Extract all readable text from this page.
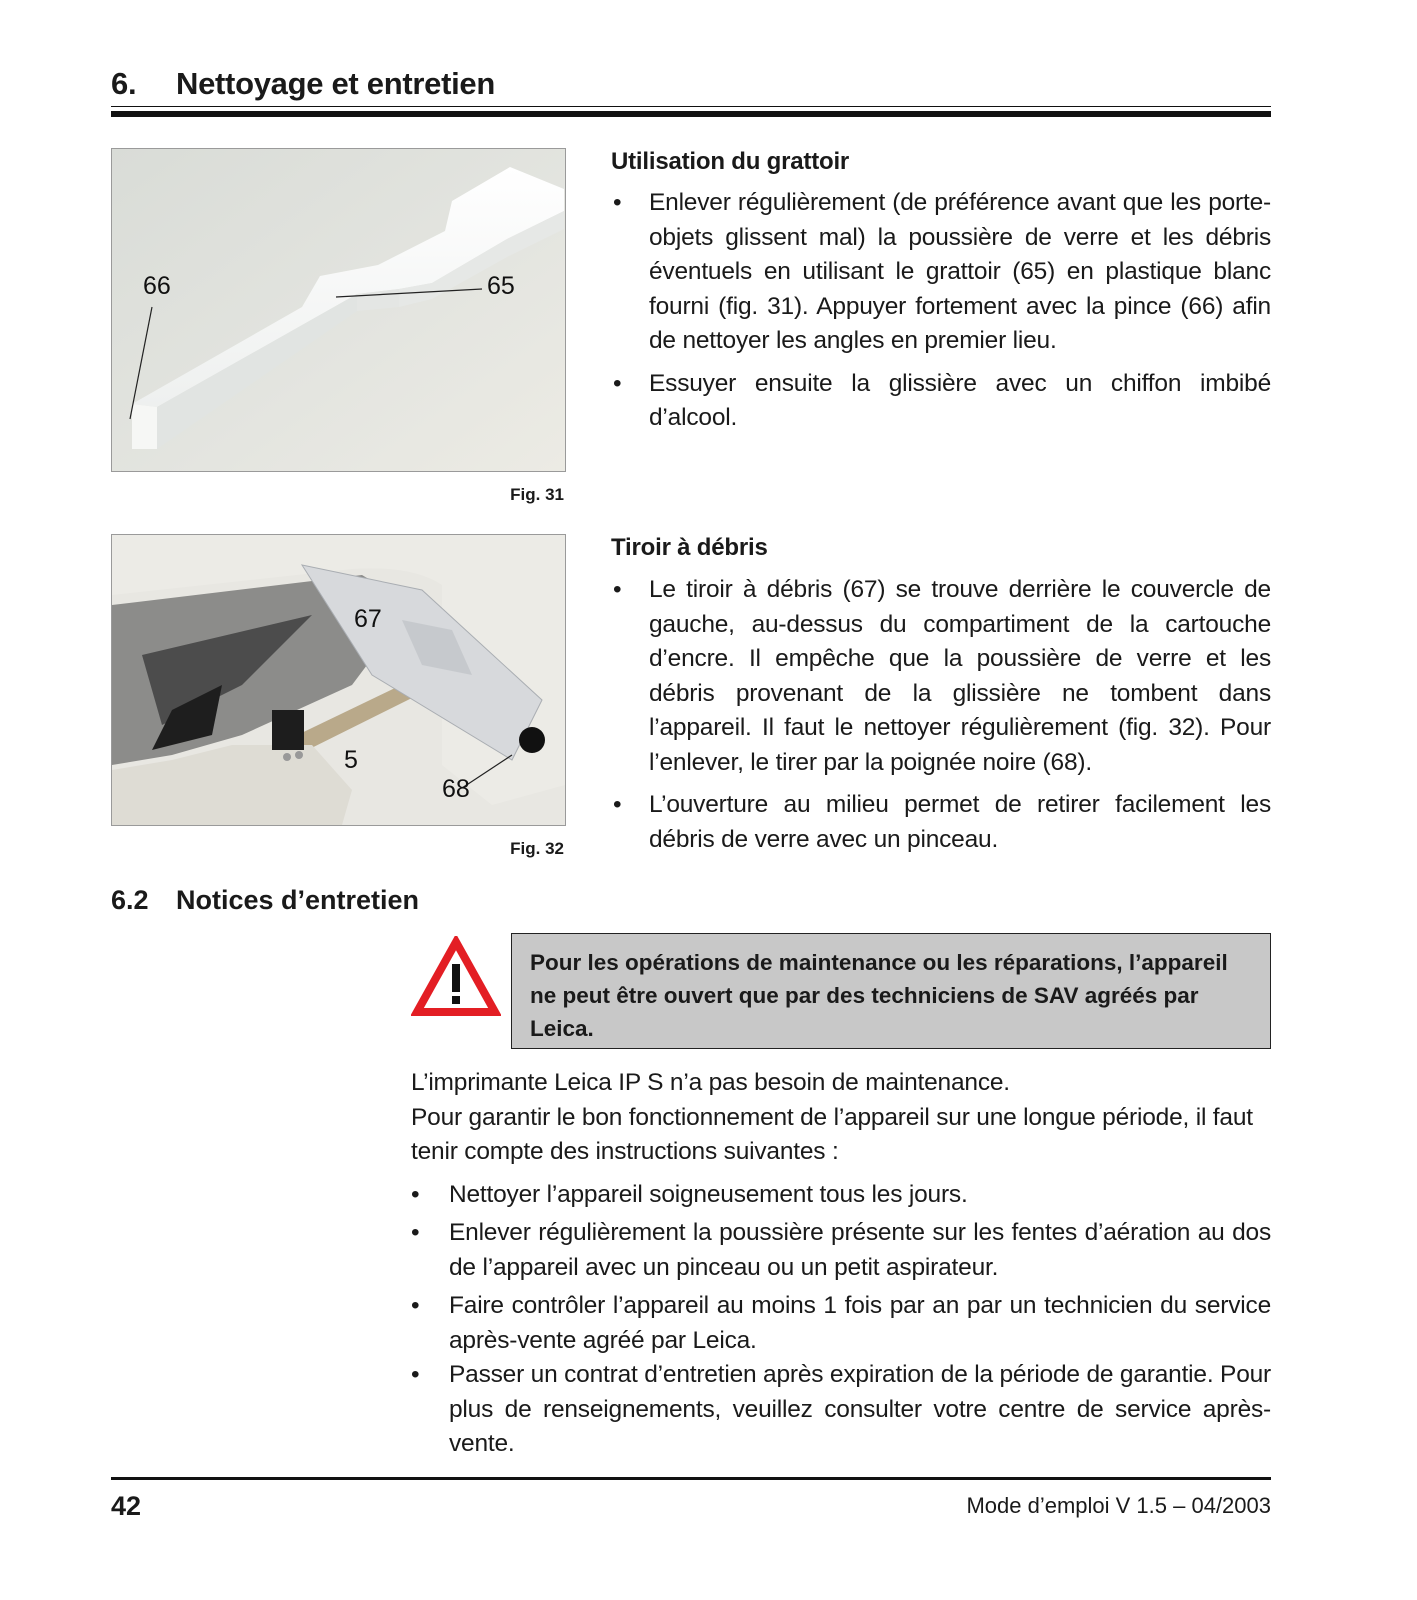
6. Nettoyage et entretien
66	65
Fig. 31
67
5
68
Fig. 32
Utilisation du grattoir
• Enlever régulièrement (de préférence avant que les porte-objets glissent mal) la poussière de verre et les débris éventuels en utilisant le grattoir (65) en plastique blanc fourni (fig. 31). Appuyer fortement avec la pince (66) afin de nettoyer les angles en premier lieu.
• Essuyer ensuite la glissière avec un chiffon imbibé d’alcool.
Tiroir à débris
• Le tiroir à débris (67) se trouve derrière le couvercle de gauche, au-dessus du compartiment de la cartouche d’encre. Il empêche que la poussière de verre et les débris provenant de la glissière ne tombent dans l’appareil. Il faut le nettoyer régulièrement (fig. 32). Pour l’enlever, le tirer par la poignée noire (68).
• L’ouverture au milieu permet de retirer facilement les débris de verre avec un pinceau.
6.2 Notices d’entretien
Pour les opérations de maintenance ou les réparations, l’appareil ne peut être ouvert que par des techniciens de SAV agréés par Leica.
L’imprimante Leica IP S n’a pas besoin de maintenance.
Pour garantir le bon fonctionnement de l’appareil sur une longue période, il faut tenir compte des instructions suivantes :
• Nettoyer l’appareil soigneusement tous les jours.
• Enlever régulièrement la poussière présente sur les fentes d’aération au dos de l’appareil avec un pinceau ou un petit aspirateur.
• Faire contrôler l’appareil au moins 1 fois par an par un technicien du service après-vente agréé par Leica.
• Passer un contrat d’entretien après expiration de la période de garantie. Pour plus de renseignements, veuillez consulter votre centre de service après-vente.
42	Mode d’emploi V 1.5 – 04/2003
